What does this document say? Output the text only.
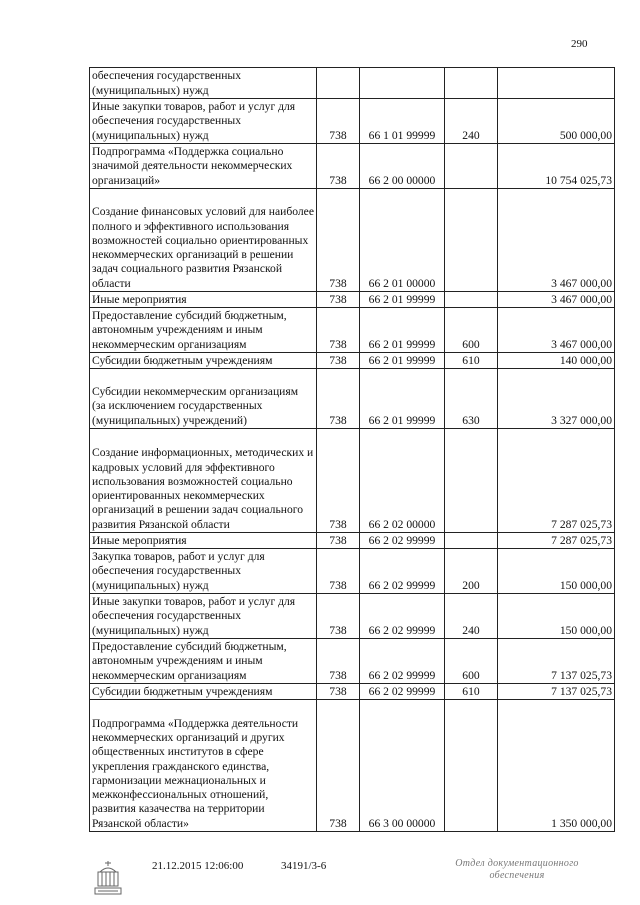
290
обеспечения государственных (муниципальных) нужд				
Иные закупки товаров, работ и услуг для обеспечения государственных (муниципальных) нужд	738	66 1 01 99999	240	500 000,00
Подпрограмма «Поддержка социально значимой деятельности некоммерческих организаций»	738	66 2 00 00000		10 754 025,73
Создание финансовых условий для наиболее полного и эффективного использования возможностей социально ориентированных некоммерческих организаций в решении задач социального развития Рязанской области	738	66 2 01 00000		3 467 000,00
Иные мероприятия	738	66 2 01 99999		3 467 000,00
Предоставление субсидий бюджетным, автономным учреждениям и иным некоммерческим организациям	738	66 2 01 99999	600	3 467 000,00
Субсидии бюджетным учреждениям	738	66 2 01 99999	610	140 000,00
Субсидии некоммерческим организациям (за исключением государственных (муниципальных) учреждений)	738	66 2 01 99999	630	3 327 000,00
Создание информационных, методических и кадровых условий для эффективного использования возможностей социально ориентированных некоммерческих организаций в решении задач социального развития Рязанской области	738	66 2 02 00000		7 287 025,73
Иные мероприятия	738	66 2 02 99999		7 287 025,73
Закупка товаров, работ и услуг для обеспечения государственных (муниципальных) нужд	738	66 2 02 99999	200	150 000,00
Иные закупки товаров, работ и услуг для обеспечения государственных (муниципальных) нужд	738	66 2 02 99999	240	150 000,00
Предоставление субсидий бюджетным, автономным учреждениям и иным некоммерческим организациям	738	66 2 02 99999	600	7 137 025,73
Субсидии бюджетным учреждениям	738	66 2 02 99999	610	7 137 025,73
Подпрограмма «Поддержка деятельности некоммерческих организаций и других общественных институтов в сфере укрепления гражданского единства, гармонизации межнациональных и межконфессиональных отношений, развития казачества на территории Рязанской области»	738	66 3 00 00000		1 350 000,00
21.12.2015 12:06:00	34191/3-6	Отдел документационного
обеспечения
